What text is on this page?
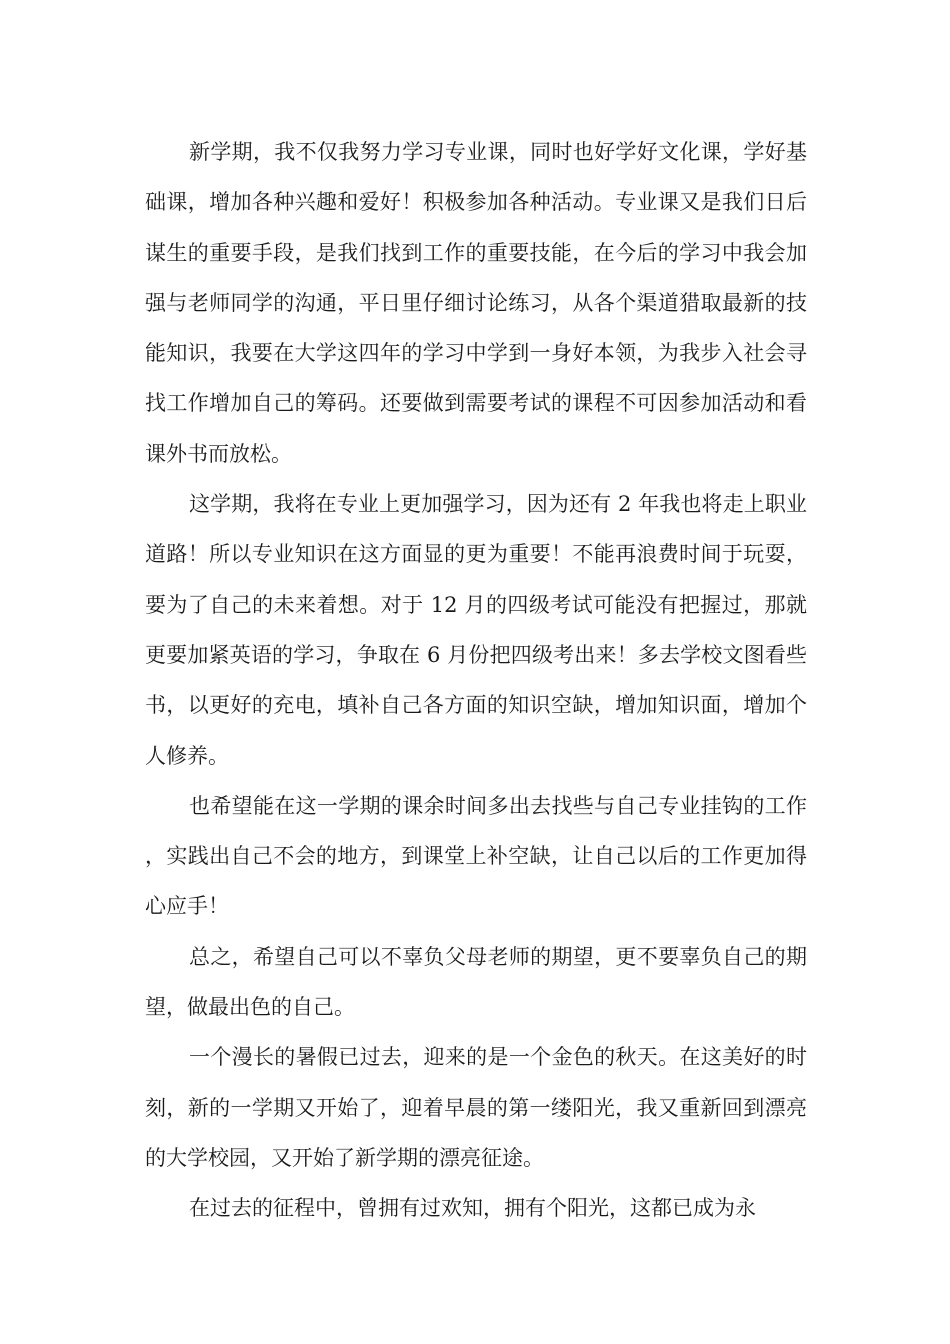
新学期，我不仅我努力学习专业课，同时也好学好文化课，学好基础课，增加各种兴趣和爱好！积极参加各种活动。专业课又是我们日后谋生的重要手段，是我们找到工作的重要技能，在今后的学习中我会加强与老师同学的沟通，平日里仔细讨论练习，从各个渠道猎取最新的技能知识，我要在大学这四年的学习中学到一身好本领，为我步入社会寻找工作增加自己的筹码。还要做到需要考试的课程不可因参加活动和看课外书而放松。

这学期，我将在专业上更加强学习，因为还有 2 年我也将走上职业道路！所以专业知识在这方面显的更为重要！不能再浪费时间于玩耍，要为了自己的未来着想。对于 12 月的四级考试可能没有把握过，那就更要加紧英语的学习，争取在 6 月份把四级考出来！多去学校文图看些书，以更好的充电，填补自己各方面的知识空缺，增加知识面，增加个人修养。

也希望能在这一学期的课余时间多出去找些与自己专业挂钩的工作，实践出自己不会的地方，到课堂上补空缺，让自己以后的工作更加得心应手！

总之，希望自己可以不辜负父母老师的期望，更不要辜负自己的期望，做最出色的自己。

一个漫长的暑假已过去，迎来的是一个金色的秋天。在这美好的时刻，新的一学期又开始了，迎着早晨的第一缕阳光，我又重新回到漂亮的大学校园，又开始了新学期的漂亮征途。

在过去的征程中，曾拥有过欢知，拥有个阳光，这都已成为永
